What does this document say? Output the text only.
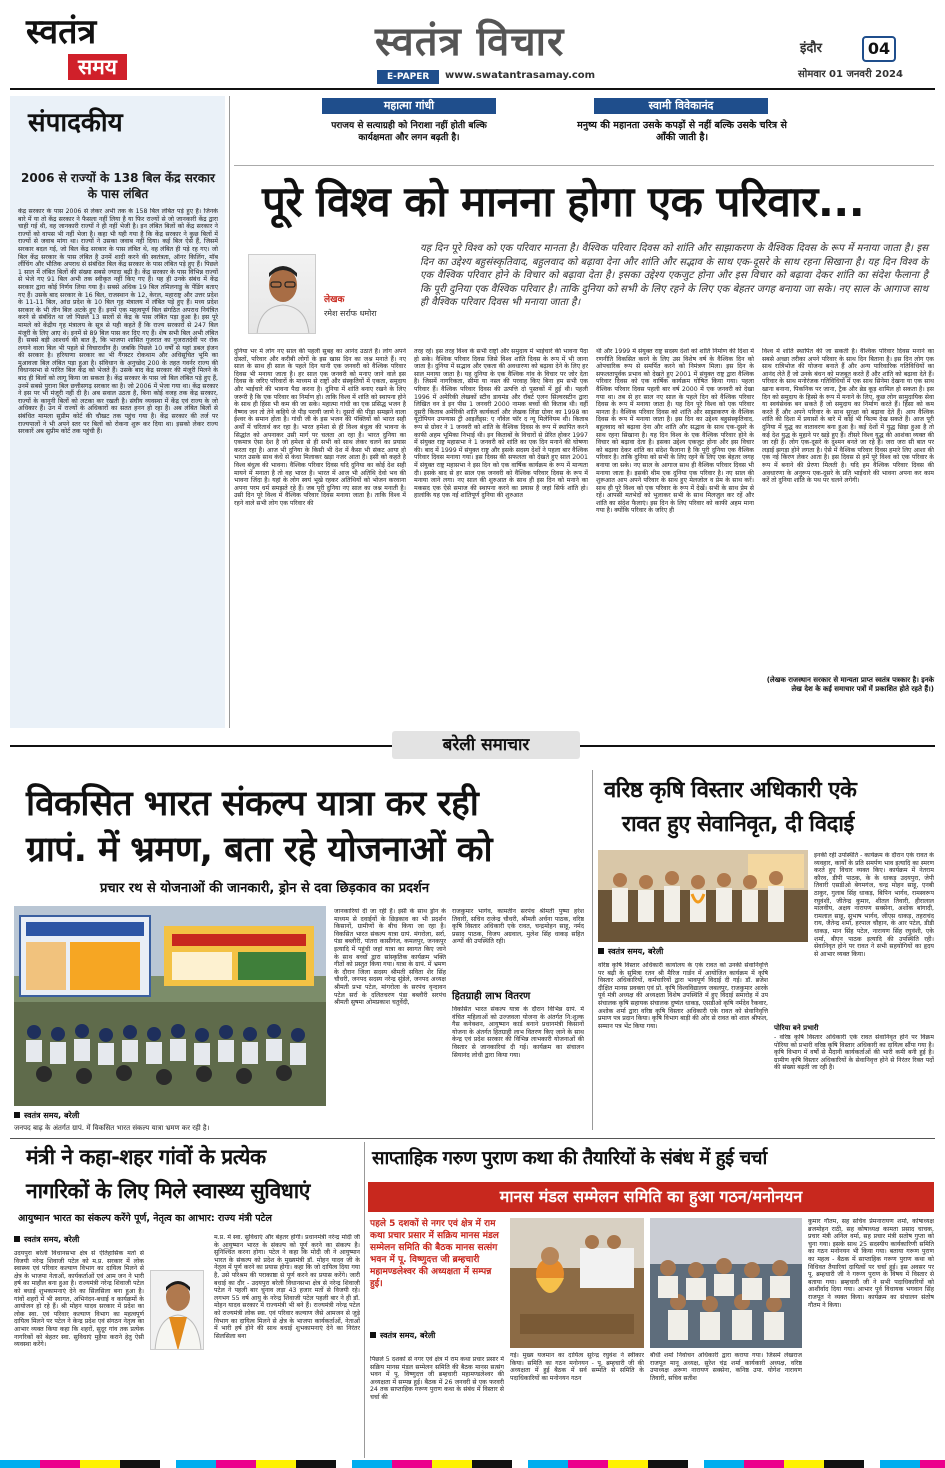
स्वतंत्र
समय
स्वतंत्र विचार
E-PAPER	www.swatantrasamay.com
इंदौर	04
सोमवार 01 जनवरी 2024
संपादकीय
2006 से राज्यों के 138 बिल केंद्र सरकार के पास लंबित
केंद्र सरकार के पास 2006 से लेकर अभी तक के 158 बिल लंबित पड़े हुए हैं। जिनके बारे में या तो केंद्र सरकार ने फैसला नहीं लिया है या फिर राज्यों से जो जानकारी केंद्र द्वारा चाही गई थी, वह जानकारी राज्यों ने ही नहीं भेजी है। इन लंबित बिलों को केंद्र सरकार ने राज्यों को वापस भी नहीं भेजा है। कहा भी यही गया है कि केंद्र सरकार ने कुछ बिलों में राज्यों से जवाब मांगा था। राज्यों ने उसका जवाब नहीं दिया। कई बिल ऐसे हैं, जिसमें सरकार बदल गई, जो बिल केंद्र सरकार के पास लंबित थे, वह लंबित ही पड़े रह गए। जो बिल केंद्र सरकार के पास लंबित है उनमें शादी करने की स्वतंत्रता, ऑनर किलिंग, मॉब लींचिंग और भौतिक अपराध से संबंधित बिल केंद्र सरकार के पास लंबित पड़े हुए हैं। पिछले 1 साल में लंबित बिलों की संख्या सबसे ज्यादा बढ़ी है। केंद्र सरकार के पास विभिन्न राज्यों से भेजे गए 91 बिल अभी तक स्वीकृत नहीं किए गए हैं। यह ही उनके संबंध में केंद्र सरकार द्वारा कोई निर्णय लिया गया है। सबसे अधिक 19 बिल तमिलनाडु के पेंडिंग बताए गए हैं। उसके बाद सरकार के 16 बिल, राजस्थान के 12, केरल, महाराष्ट्र और उत्तर प्रदेश के 11-11 बिल, आंध्र प्रदेश के 10 बिल गृह मंत्रालय में लंबित पड़े हुए हैं। मध्य प्रदेश सरकार के भी तीन बिल अटके हुए हैं। इनमें एक महत्वपूर्ण बिल संगठित अपराध नियंत्रित करने से संबंधित था जो पिछले 13 सालों से केंद्र के पास लंबित पड़ा हुआ है। इस पूरे मामले को केंद्रीय गृह मंत्रालय के सूत्र से यही कहते हैं कि राज्य सरकारों से 247 बिल मंजूरी के लिए आए थे। इनमें से 89 बिल पास कर दिए गए हैं। शेष सभी बिल अभी लंबित हैं। सबसे बड़ी आश्चर्य की बात है, कि भाजपा शासित गुजरात का गुजरातदेवी पर रोक लगाने वाला बिल भी पहले से विचाराधीन है। जबकि पिछले 10 वर्षों से यहां डबल इंजन की सरकार है। हरियाणा सरकार का भी गैंगस्टर रोकथाम और अधिसूचित भूमि का मुआवजा बिल लंबित पड़ा हुआ है। संविधान के अनुच्छेद 200 के तहत गवर्नर राज्य की विधानसभा से पारित बिल केंद्र को भेजते हैं। उसके बाद केंद्र सरकार की मंजूरी मिलने के बाद ही बिलों को लागू किया जा सकता है। केंद्र सरकार के पास जो बिल लंबित पड़े हुए हैं, उनमें सबसे पुराना बिल छत्तीसगढ़ सरकार का है। जो 2006 में भेजा गया था। केंद्र सरकार ने इस पर भी मंजूरी नहीं दी है। अब सवाल उठता है, बिना कोई वजह तक केंद्र सरकार, राज्यों के कानूनी बिलों को लटका कर रखती है। संघीय व्यवस्था में केंद्र एवं राज्य के जो अधिकार हैं। उन में राज्यों के अधिकारों का सतत हनन हो रहा है। अब लंबित बिलों से संबंधित मामला सुप्रीम कोर्ट की चौखट तक पहुंच गया है। केंद्र सरकार की तर्ज पर राज्यपालों ने भी अपने स्तर पर बिलों को रोकना शुरू कर दिया था। इसको लेकर राज्य सरकारें अब सुप्रीम कोर्ट तक पहुंची हैं।
महात्मा गांधी
पराजय से सत्याग्रही को निराशा नहीं होती बल्कि कार्यक्षमता और लगन बढ़ती है।
स्वामी विवेकानंद
मनुष्य की महानता उसके कपड़ों से नहीं बल्कि उसके चरित्र से आँकी जाती है।
पूरे विश्व को मानना होगा एक परिवार...
यह दिन पूरे विश्व को एक परिवार मानता है। वैश्विक परिवार दिवस को शांति और साझाकरण के वैश्विक दिवस के रूप में मनाया जाता है। इस दिन का उद्देश्य बहुसंस्कृतिवाद, बहुलवाद को बढ़ावा देना और शांति और सद्भाव के साथ एक-दूसरे के साथ रहना सिखाना है। यह दिन विश्व के एक वैश्विक परिवार होने के विचार को बढ़ावा देता है। इसका उद्देश्य एकजुट होना और इस विचार को बढ़ावा देकर शांति का संदेश फैलाना है कि पूरी दुनिया एक वैश्विक परिवार है। ताकि दुनिया को सभी के लिए रहने के लिए एक बेहतर जगह बनाया जा सके। नए साल के आगाज साथ ही वैश्विक परिवार दिवस भी मनाया जाता है।
लेखक
रमेश सर्राफ धमोरा
दुनिया भर में लोग नए साल की पहली सुबह का आनंद उठाते हैं। लोग अपने दोस्तों, परिवार और करीबी लोगों के इस खास दिन का जश्न मनाते हैं। नए साल के साथ ही साल के पहले दिन यानी एक जनवरी को वैश्विक परिवार दिवस भी मनाया जाता है। हर साल एक जनवरी को मनाए जाने वाले इस दिवस के जरिए परिवारों के माध्यम से राष्ट्रों और संस्कृतियों में एकता, समुदाय और भाईचारे की भावना पैदा करना है। दुनिया में शांति बनाए रखने के लिए जरूरी है कि एक परिवार का निर्माण हो। ताकि विश्व में शांति को स्थापना होने के साथ ही हिंसा भी कम की जा सके। महात्मा गांधी का एक प्रसिद्ध भजन है वैष्णव जन तो तेने कहिये जे पीड़ परायी जाणे रे। दूसरों की पीड़ा समझने वाला ईश्वर के समान होता है। गांधी जी के इस भजन की पंक्तियों को भारत सही अर्थों में चरितार्थ कर रहा है। भारत हमेशा से ही विश्व बंधुत्व की भावना के सिद्धांत को अपनाकर उसी मार्ग पर चलता आ रहा है। भारत दुनिया का एकमात्र ऐसा देश है जो हमेशा से ही सभी को साथ लेकर चलने का प्रयास करता रहा है। आज भी दुनिया के किसी भी देश में कैसा भी संकट आया हो भारत उसके साथ कंधे से कंधा मिलाकर खड़ा नजर आता है। इसी को कहते है विश्व बंधुत्व की भावना। वैश्विक परिवार दिवस यदि दुनिया का कोई देश सही मायने में मनाता है तो वह भारत है। भारत में आज भी अतिथि देवो भव की भावना जिंदा है। यहां के लोग स्वयं भूखे रहकर अतिथियों को भोजन करवाना अपना परम धर्म समझते रहे हैं। जब पूरी दुनिया नए साल का जश्न मनाती है। उसी दिन पूरे विश्व में वैश्विक परिवार दिवस मनाया जाता है। ताकि विश्व में रहने वाले सभी लोग एक परिवार की
तरह रहें। इस तरह विश्व के सभी राष्ट्रों और समुदाय में भाईचारे की भावना पैदा हो सके। वैश्विक परिवार दिवस जिसे विश्व शांति दिवस के रूप में भी जाना जाता है। दुनिया में सद्भाव और एकता की अवधारणा को बढ़ावा देने के लिए हर साल मनाया जाता है। यह दुनिया के एक वैश्विक गांव के विचार पर जोर देता है। जिसमें नागरिकता, सीमा या नस्ल की परवाह किए बिना हम सभी एक परिवार हैं। वैश्विक परिवार दिवस की उत्पत्ति दो पुस्तकों में हुई थी। पहली 1996 में अमेरिकी लेखकों स्टीव डायमंड और रॉबर्ट एलन सिल्वरस्टीन द्वारा लिखित वन डे इन पीस 1 जनवरी 2000 नामक बच्चों की किताब थी। वहीं दूसरी किताब अमेरिकी शांति कार्यकर्ता और लेखक लिंडा ग्रोवर का 1998 का यूटोपियन उपन्यास ट्री आइलैंड्स: ए नॉवेल फॉर द न्यू मिलेनियम थी। किताब रूप से ग्रोवर ने 1 जनवरी को शांति के वैश्विक दिवस के रूप में स्थापित करने काफी अहम भूमिका निभाई थी। इन किताबों के विचारों से प्रेरित होकर 1997 में संयुक्त राष्ट्र महासभा ने 1 जनवरी को शांति का एक दिन मनाने की घोषणा की। बाद में 1999 में संयुक्त राष्ट्र और इसके सदस्य देशों ने पहला बार वैश्विक परिवार दिवस मनाया गया। इस दिवस की सफलता को देखते हुए साल 2001 में संयुक्त राष्ट्र महासभा ने इस दिन को एक वार्षिक कार्यक्रम के रूप में मान्यता दी। इसके बाद से हर साल एक जनवरी को वैश्विक परिवार दिवस के रूप में मनाया जाने लगा। नए साल की शुरुआत के साथ ही इस दिन को मनाने का मकसद एक ऐसे समाज की स्थापना करने का प्रयास है जहां सिर्फ शांति हो। हालांकि यह एक नई शांतिपूर्ण दुनिया की शुरुआत
थी और 1999 में संयुक्त राष्ट्र सदस्य देशों को शांति निर्माण की दिशा में रणनीति विकसित करने के लिए उस विशेष वर्ष के वैश्विक दिन को ओपचारिक रूप से समर्पित करने को निमंत्रण मिला। इस दिन के सफलतापूर्वक प्रभाव को देखते हुए 2001 में संयुक्त राष्ट्र द्वारा वैश्विक परिवार दिवस को एक वार्षिक कार्यक्रम घोषित किया गया। पहला वैश्विक परिवार दिवस पहली बार वर्ष 2000 में एक जनवरी को देखा गया था। तब से हर साल नए साल के पहले दिन को वैश्विक परिवार दिवस के रूप में मनाया जाता है। यह दिन पूरे विश्व को एक परिवार मानता है। वैश्विक परिवार दिवस को शांति और साझाकरण के वैश्विक दिवस के रूप में मनाया जाता है। इस दिन का उद्देश्य बहुसंस्कृतिवाद, बहुलवाद को बढ़ावा देना और शांति और सद्भाव के साथ एक-दूसरे के साथ रहना सिखाना है। यह दिन विश्व के एक वैश्विक परिवार होने के विचार को बढ़ावा देता है। इसका उद्देश्य एकजुट होना और इस विचार को बढ़ावा देकर शांति का संदेश फैलाना है कि पूरी दुनिया एक वैश्विक परिवार है। ताकि दुनिया को सभी के लिए रहने के लिए एक बेहतर जगह बनाया जा सके। नए साल के आगाज साथ ही वैश्विक परिवार दिवस भी मनाया जाता है। इसकी थीम एक दुनिया एक परिवार है। नए साल की शुरूआत आप अपने परिवार के साथ हुए मेलजोल व प्रेम के साथ करें। साथ ही पूरे विश्व को एक परिवार के रूप में देखें। सभी के साथ प्रेम से रहें। आपसी मतभेदों को भुलाकर सभी के साथ मिलजुल कर रहें और शांति का संदेश फैलाएं। इस दिन के लिए परिवार को काफी अहम माना गया है। क्योंकि परिवार के जरिए ही
विश्व में शांति स्थापित की जा सकती है। वैश्विक परिवार दिवस मनाने का सबसे अच्छा तरीका अपने परिवार के साथ दिन बिताना है। इस दिन लोग एक साथ रात्रिभोज की योजना बनाते हैं और अन्य पारिवारिक गतिविधियों का आनंद लेते हैं जो उनके बंधन को मजबूत करते हैं और शांति को बढ़ावा देते हैं। परिवार के साथ मनोरंजक गतिविधियों में एक साथ सिनेमा देखना या एक साथ खाना बनाना, पिकनिक पर जाना, ट्रैक और ब्रेड कूड़ शामिल हो सकता है। इस दिन को समुदाय के हिस्से के रूप में मनाने के लिए, कुछ लोग सामुदायिक सेवा या स्वयंसेवक बन सकते हैं जो समुदाय का निर्माण करते हैं। हिंसा को कम करते हैं और अपने परिवार के साथ सुरक्षा को बढ़ावा देते हैं। आप वैश्विक शांति की दिशा में प्रयासों के बारे में कोई भी फिल्म देख सकते हैं। आज पूरी दुनिया में युद्ध का वातावरण बना हुआ है। कई देशों में युद्ध छिड़ा हुआ है तो कई देश युद्ध के मुहाने पर खड़े हुए हैं। तीसरे विश्व युद्ध की आशंका व्यक्त की जा रही है। लोग एक-दूसरे के दुश्मन बनते जा रहे हैं। जरा जरा सी बात पर लड़ाई झगड़ा होने लगता है। ऐसे में वैश्विक परिवार दिवस हमारे लिए आशा की एक नई किरण लेकर आता है। इस दिवस से हमें पूरे विश्व को एक परिवार के रूप में बनाने की प्रेरणा मिलती है। यदि हम वैश्विक परिवार दिवस की अवधारणा के अनुरूप एक-दूसरे के प्रति भाईचारे की भावना अपना कर काम करें तो दुनिया शांति के पथ पर चलने लगेगी।
(लेखक राजस्थान सरकार से मान्यता प्राप्त स्वतंत्र पत्रकार है। इनके लेख देश के कई समाचार पत्रों में प्रकाशित होते रहते हैं।)
बरेली समाचार
विकसित भारत संकल्प यात्रा कर रही
ग्रापं. में भ्रमण, बता रहे योजनाओं को
प्रचार रथ से योजनाओं की जानकारी, ड्रोन से दवा छिड़काव का प्रदर्शन
स्वतंत्र समय, बरेली
जनपद बाढ़ के अंतर्गत ग्रापं. में विकसित भारत संकल्प यात्रा भ्रमण कर रही है।
जानकारियां दी जा रही हैं। इसी के साथ ड्रोन के माध्यम से दवाईयों के छिड़काव का भी प्रदर्शन किसानों, ग्रामीणों के बीच किया जा रहा है। विकसित भारत संकल्प यात्रा ग्रापं. मंगरोला, सर्रा, पंडा बब्लौरी, पांतरा कासीगंज, कमलपुर, जनकपुर इत्यादि में पहुंची जहां यात्रा का स्वागत किए जाने के साथ बच्चों द्वारा सांस्कृतिक कार्यक्रम भक्ति गीतों को प्रस्तुत किया गया। यात्रा के ग्रापं. में भ्रमण के दौरान जिला सदस्य श्रीमती सविता शेर सिंह चौधरी, जनपद सदस्य नरेन्द्र सुंडेले, जनपद अध्यक्ष श्रीमती प्रभा पटेल, मांगरोला के सरपंच वृन्दावन पटेल सर्रा के दलितचरण पंडा बब्लौरी सरपंच श्रीमती सुषमा ओमप्रकाश चतुर्वेदी,
राजकुमार भार्गव, कामतीन सरपंच श्रीमती पुष्पा हरेश तिवारी, सचिव राजेन्द्र चौधरी, श्रीमती अर्चना पाठक, वरिष्ठ कृषि विस्तार अधिकारी एके रावत, चन्द्रमोहन साहू, नर्मद प्रसाद पाठक, विजय अग्रवाल, मुलेश सिंह धाकड़ सहित अन्यों की उपस्थिति रही।
हितग्राही लाभ वितरण
विकसित भारत संकल्प यात्रा के दौरान विभिन्न ग्रापं. में वंचित महिलाओं को उज्जवला योजना के अंतर्गत नि:शुल्क गैस कनेक्शन, आयुष्मान कार्ड बनाने प्रधानमंत्री किसानों योजना के अंतर्गत हितग्राही लाभ वितरण किए जाने के साथ केन्द्र एवं प्रदेश सरकार की विभिन्न लाभकारी योजनाओं की विस्तार से जानकारियां दी गई। कार्यक्रम का संचालन सियानंद लोधी द्वारा किया गया।
वरिष्ठ कृषि विस्तार अधिकारी एके
रावत हुए सेवानिवृत, दी विदाई
स्वतंत्र समय, बरेली
वरिष्ठ कृषि विस्तार अधिकारी कार्यालय के एके रावत को उनकी सेवानिवृत्ति पर बढ़ी के सुमित्रा रतन श्री मैरिज गार्डन में आयोजित कार्यक्रम में कृषि विस्तार अधिकारियों, कर्मचारियों द्वारा भावपूर्ण विदाई दी गई। डॉ. ब्रजेश दीक्षित मानस प्रवक्ता एवं प्रो. कृषि विश्वविद्यालय जबलपुर, राजकुमार आरके पूर्व मंत्री अध्यक्ष की अध्यक्षता विशेष उपस्थिति में हुए विदाई समारोह में उप संचालक कृषि सहायक संचालक दुष्यंत धाकड़, एसडीओ कृषि नर्मदेव रैकवार, अशोक शर्मा द्वारा वरिष्ठ कृषि विस्तार अधिकारी एके रावत को सेवानिवृत्ति प्रमाण पत्र प्रदान किया। कृषि विभाग बाड़ी की ओर से रावत को शाल श्रीफल, सम्मान पत्र भेंट किया गया।
इनकी रही उपस्थिति - कार्यक्रम के दौरान एके रावत के व्यवहार, कार्यों के प्रति समर्पण भाव इत्यादि का स्मरण करते हुए विचार व्यक्त किए। कार्यक्रम में नेतराम कौरव, डीपी पाठक, के के धाकड़ उदयपुरा, जेपी तिवारी एसडीओ बेगमगंज, चन्द्र मोहन साहू, एनबी ठाकुर, गुलाब सिंह धाकड़, बिपिन भार्गव, रामस्वरूप रघुवंशी, जीतेन्द्र कुमार, शीतल तिवारी, हीरालाल मालवीय, अक्षय नारायण सक्सेना, अशोक बांगादी, रामलाल साहू, सुभाष भार्गव, जीएस धाकड़, तहराचंद राय, जैतेन्द्र शर्मा, हरपाल चौहान, के आर पटेल, डीडी धाकड़, मान सिंह पटेल, नारायण सिंह रघुवंशी, एके शर्मा, बीएन पाठक इत्यादि की उपस्थिति रही। सेवानिवृत होने पर रावत ने सभी सहयोगियों का हृदय से आभार व्यक्त किया।
पोरिया बने प्रभारी
- वरिष्ठ कृषि विस्तार अधिकारी एके रावत सेवानिवृत होने पर विक्रम पोरिया को प्रभारी वरिष्ठ कृषि विस्तार अधिकारी का दायित्व सौंपा गया है। कृषि विभाग में वर्षों से मैदानी कार्यकर्ताओं की भारी कमी बनी हुई है। ग्रामीण कृषि विस्तार अधिकारियों के सेवानिवृत्त होने से निरंतर रिक्त पदों की संख्या बढ़ती जा रही है।
मंत्री ने कहा-शहर गांवों के प्रत्येक
नागरिकों के लिए मिले स्वास्थ्य सुविधाएं
आयुष्मान भारत का संकल्प करेंगे पूर्ण, नेतृत्व का आभार: राज्य मंत्री पटेल
स्वतंत्र समय, बरेली
उदयपुरा बरेली विधानसभा क्षेत्र से ऐतिहासिक मतों से विजयी नरेन्द्र शिवाजी पटेल को म.प्र. सरकार में लोक स्वास्थ्य एवं परिवार कल्याण विभाग का दायित्व मिलने से क्षेत्र के भाजपा नेताओं, कार्यकर्ताओं एवं आम जन ने भारी हर्ष का माहौल बना हुआ है। राज्यमंत्री नरेन्द्र शिवाजी पटेल को बधाई शुभकामनाएं देने का सिलसिला बना हुआ है। गांवों शहरों में भी स्वागत, अभिनंदन-बधाई व कार्यक्रमों के आयोजन हो रहे हैं। श्री मोहन यादव सरकार में प्रदेश का लोक स्वा. एवं परिवार कल्याण विभाग का महत्वपूर्ण दायित्व मिलने पर पटेल ने केन्द्र प्रदेश एवं संगठन नेतृत्व का आभार व्यक्त किया कहा कि शहरों, सुदूर गांव तक प्रत्येक नागरिकों को बेहतर स्वा. सुविधाएं मुहैया कराने हेतु ऐसी व्यवस्था करेंगे।
म.प्र. में स्वा. सुविधाएं और बेहतर होंगी। प्रधानमंत्री नरेन्द्र मोदी जी के आयुष्मान भारत के संकल्प को पूर्ण करने का संकल्प है। सुनिश्चित करना होगा। पटेल ने कहा कि मोदी जी ने आयुष्मान भारत के संकल्प को प्रदेश के मुख्यमंत्री डॉ. मोहन यादव जी के नेतृत्व में पूर्ण करने का प्रयास होगा। कहा कि जो दायित्व दिया गया है, उसे परिश्रम की पराकाष्ठा से पूर्ण करने का प्रयास करेंगे। जारी बधाई का दौर - उदयपुरा बरेली विधानसभा क्षेत्र से नरेन्द्र शिवाजी पटेल ने पहली बार चुनाव लड़ा 43 हजार मतों से विजयी रहे। लगभग 55 वर्ष आयु के नरेन्द्र शिवाजी पटेल पहली बार ने ही डॉ. मोहन यादव सरकार में राज्यमंत्री भी बने हैं। राज्यमंत्री नरेन्द्र पटेल को राज्यमंत्री लोक स्वा. एवं परिवार कल्याण जैसे आमजन से जुड़े विभाग का दायित्व मिलने से क्षेत्र के भाजपा कार्यकर्ताओं, नेताओं में भारी हर्ष होने की साथ बधाई शुभकामनाएं देने का निरंतर सिलसिला बना
साप्ताहिक गरुण पुराण कथा की तैयारियों के संबंध में हुई चर्चा
मानस मंडल सम्मेलन समिति का हुआ गठन/मनोनयन
पहले 5 दशकों से नगर एवं क्षेत्र में राम कथा प्रचार प्रसार में सक्रिय मानस मंडल सम्मेलन समिति की बैठक मानस सत्संग भवन में पू. विष्णुदत्त जी ब्रम्हचारी महामण्डलेश्वर की अध्यक्षता में सम्पन्न हुई।
स्वतंत्र समय, बरेली
पिछले 5 दशकों से नगर एवं क्षेत्र में राम कथा प्रचार प्रसार में सक्रिय मानस मंडल सम्मेलन समिति की बैठक मानस सत्संग भवन में पू. विष्णुदत्त जी ब्रम्हचारी महामण्डलेश्वर की अध्यक्षता में सम्पन्न हुई। बैठक में 26 जनवरी से एक फरवरी 24 तक साप्ताहिक गरूण पुराण कथा के संबंध में विस्तार से चर्चा की
गई। मुख्य यजमान का दायित्व सुरेन्द्र रघुवंश ने स्वीकार किया। समिति का गठन मनोनयन - पू. ब्रम्हचारी जी की अध्यक्षता में हुई बैठक में सर्व सम्मति से समिति के पदाधिकारियों का मनोनयन गठन
बौधी शर्मा निर्वाचन अधिकारी द्वारा कराया गया। जिसमें लेखराज राजपूत मानू अध्यक्ष, सुरेश चंद्र शर्मा कार्यकारी अध्यक्ष, वरिष्ठ उपाध्यक्ष अरूण नारायण सक्सेना, कनिष्ठ उपा. योगेश नारायण तिवारी, सचिव सतीश
कुमार गौतम, सह सचिव प्रेमनारायण शर्मा, कोषाध्यक्ष ब्रजमोहन राठी, सह कोषाध्यक्ष कामता प्रसाद चाचक, प्रचार मंत्री अनिल वर्मा, सह प्रचार मंत्री सतोष गुप्ता को चुना गया। इसके साथ 25 सदस्यीय कार्यकारिणी समिति का गठन मनोनयन भी किया गया। बताया गरूण पुराण का महत्व - बैठक में साप्ताहिक गरूण पुराण कथा को विधिवत तैयारियां दायित्वों पर चर्चा हुई। इस अवसर पर पू. ब्रम्हचारी जी ने गरूण पुराण के विषय में विस्तार से बताया गया। ब्रम्हचारी जी ने सभी पदाधिकारियों को आशीर्वाद दिया गया। आभार पूर्व विधायक भगवान सिंह राजपूत ने व्यक्त किया। कार्यक्रम का संचालन संतोष गौतम ने किया।
